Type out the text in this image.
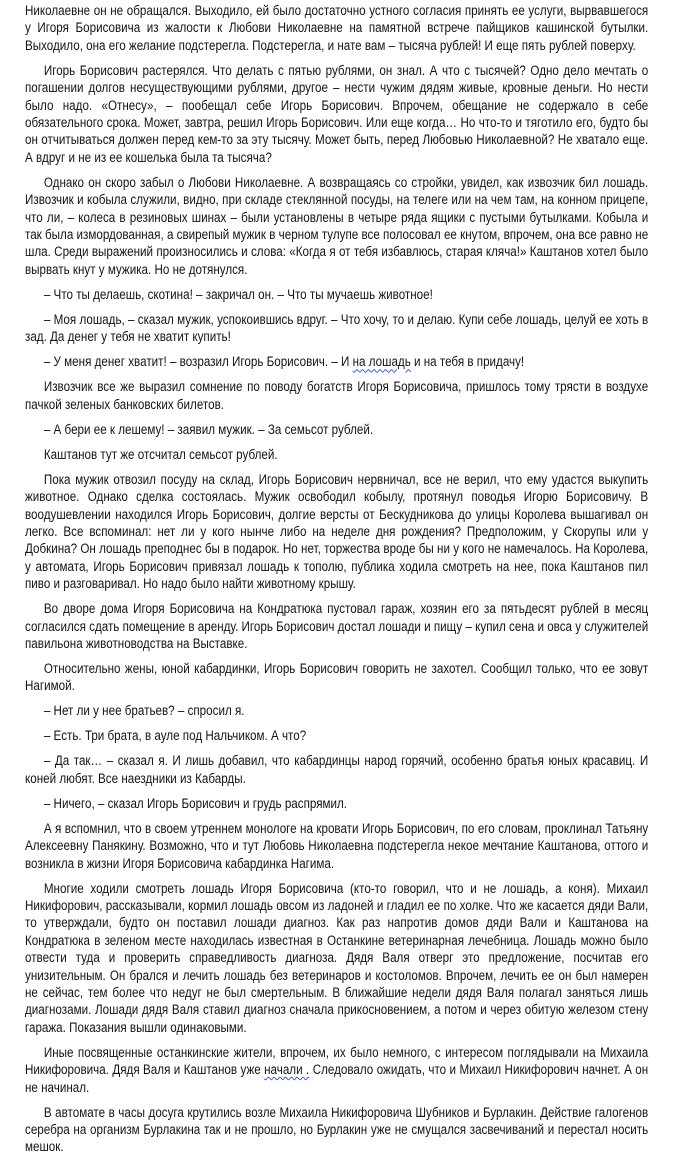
Николаевне он не обращался. Выходило, ей было достаточно устного согласия принять ее услуги, вырвавшегося у Игоря Борисовича из жалости к Любови Николаевне на памятной встрече пайщиков кашинской бутылки. Выходило, она его желание подстерегла. Подстерегла, и нате вам – тысяча рублей! И еще пять рублей поверху.

Игорь Борисович растерялся. Что делать с пятью рублями, он знал. А что с тысячей? Одно дело мечтать о погашении долгов несуществующими рублями, другое – нести чужим дядям живые, кровные деньги. Но нести было надо. «Отнесу», – пообещал себе Игорь Борисович. Впрочем, обещание не содержало в себе обязательного срока. Может, завтра, решил Игорь Борисович. Или еще когда… Но что-то и тяготило его, будто бы он отчитываться должен перед кем-то за эту тысячу. Может быть, перед Любовью Николаевной? Не хватало еще. А вдруг и не из ее кошелька была та тысяча?

Однако он скоро забыл о Любови Николаевне. А возвращаясь со стройки, увидел, как извозчик бил лошадь. Извозчик и кобыла служили, видно, при складе стеклянной посуды, на телеге или на чем там, на конном прицепе, что ли, – колеса в резиновых шинах – были установлены в четыре ряда ящики с пустыми бутылками. Кобыла и так была измордованная, а свирепый мужик в черном тулупе все полосовал ее кнутом, впрочем, она все равно не шла. Среди выражений произносились и слова: «Когда я от тебя избавлюсь, старая кляча!» Каштанов хотел было вырвать кнут у мужика. Но не дотянулся.

– Что ты делаешь, скотина! – закричал он. – Что ты мучаешь животное!

– Моя лошадь, – сказал мужик, успокоившись вдруг. – Что хочу, то и делаю. Купи себе лошадь, целуй ее хоть в зад. Да денег у тебя не хватит купить!

– У меня денег хватит! – возразил Игорь Борисович. – И на лошадь и на тебя в придачу!

Извозчик все же выразил сомнение по поводу богатств Игоря Борисовича, пришлось тому трясти в воздухе пачкой зеленых банковских билетов.

– А бери ее к лешему! – заявил мужик. – За семьсот рублей.

Каштанов тут же отсчитал семьсот рублей.

Пока мужик отвозил посуду на склад, Игорь Борисович нервничал, все не верил, что ему удастся выкупить животное. Однако сделка состоялась. Мужик освободил кобылу, протянул поводья Игорю Борисовичу. В воодушевлении находился Игорь Борисович, долгие версты от Бескудникова до улицы Королева вышагивал он легко. Все вспоминал: нет ли у кого нынче либо на неделе дня рождения? Предположим, у Скорупы или у Добкина? Он лошадь преподнес бы в подарок. Но нет, торжества вроде бы ни у кого не намечалось. На Королева, у автомата, Игорь Борисович привязал лошадь к тополю, публика ходила смотреть на нее, пока Каштанов пил пиво и разговаривал. Но надо было найти животному крышу.

Во дворе дома Игоря Борисовича на Кондратюка пустовал гараж, хозяин его за пятьдесят рублей в месяц согласился сдать помещение в аренду. Игорь Борисович достал лошади и пищу – купил сена и овса у служителей павильона животноводства на Выставке.

Относительно жены, юной кабардинки, Игорь Борисович говорить не захотел. Сообщил только, что ее зовут Нагимой.

– Нет ли у нее братьев? – спросил я.

– Есть. Три брата, в ауле под Нальчиком. А что?

– Да так… – сказал я. И лишь добавил, что кабардинцы народ горячий, особенно братья юных красавиц. И коней любят. Все наездники из Кабарды.

– Ничего, – сказал Игорь Борисович и грудь распрямил.

А я вспомнил, что в своем утреннем монологе на кровати Игорь Борисович, по его словам, проклинал Татьяну Алексеевну Панякину. Возможно, что и тут Любовь Николаевна подстерегла некое мечтание Каштанова, оттого и возникла в жизни Игоря Борисовича кабардинка Нагима.

Многие ходили смотреть лошадь Игоря Борисовича (кто-то говорил, что и не лошадь, а коня). Михаил Никифорович, рассказывали, кормил лошадь овсом из ладоней и гладил ее по холке. Что же касается дяди Вали, то утверждали, будто он поставил лошади диагноз. Как раз напротив домов дяди Вали и Каштанова на Кондратюка в зеленом месте находилась известная в Останкине ветеринарная лечебница. Лошадь можно было отвести туда и проверить справедливость диагноза. Дядя Валя отверг это предложение, посчитав его унизительным. Он брался и лечить лошадь без ветеринаров и костоломов. Впрочем, лечить ее он был намерен не сейчас, тем более что недуг не был смертельным. В ближайшие недели дядя Валя полагал заняться лишь диагнозами. Лошади дядя Валя ставил диагноз сначала прикосновением, а потом и через обитую железом стену гаража. Показания вышли одинаковыми.

Иные посвященные останкинские жители, впрочем, их было немного, с интересом поглядывали на Михаила Никифоровича. Дядя Валя и Каштанов уже начали . Следовало ожидать, что и Михаил Никифорович начнет. А он не начинал.

В автомате в часы досуга крутились возле Михаила Никифоровича Шубников и Бурлакин. Действие галогенов серебра на организм Бурлакина так и не прошло, но Бурлакин уже не смущался засвечиваний и перестал носить мешок.
